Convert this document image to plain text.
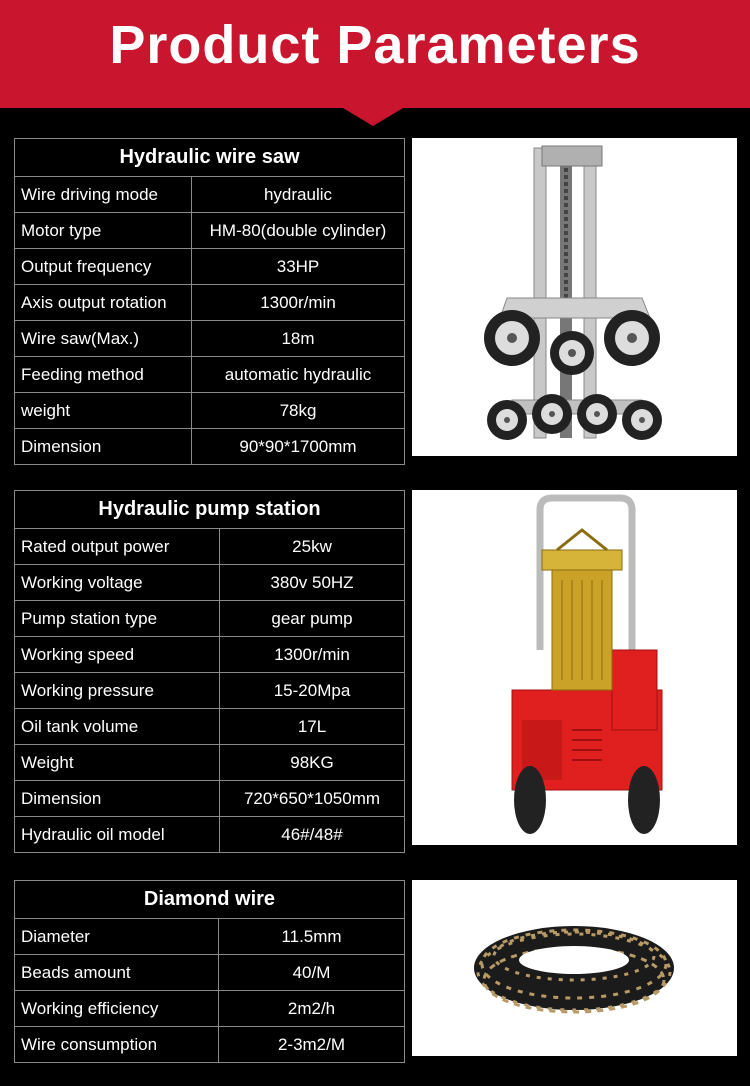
Product Parameters
Hydraulic wire saw	
Wire driving mode	hydraulic
Motor type	HM-80(double cylinder)
Output frequency	33HP
Axis output rotation	1300r/min
Wire saw(Max.)	18m
Feeding method	automatic hydraulic
weight	78kg
Dimension	90*90*1700mm
Hydraulic pump station	
Rated output power	25kw
Working voltage	380v 50HZ
Pump station type	gear pump
Working speed	1300r/min
Working pressure	15-20Mpa
Oil tank volume	17L
Weight	98KG
Dimension	720*650*1050mm
Hydraulic oil model	46#/48#
Diamond wire	
Diameter	11.5mm
Beads amount	40/M
Working efficiency	2m2/h
Wire consumption	2-3m2/M
